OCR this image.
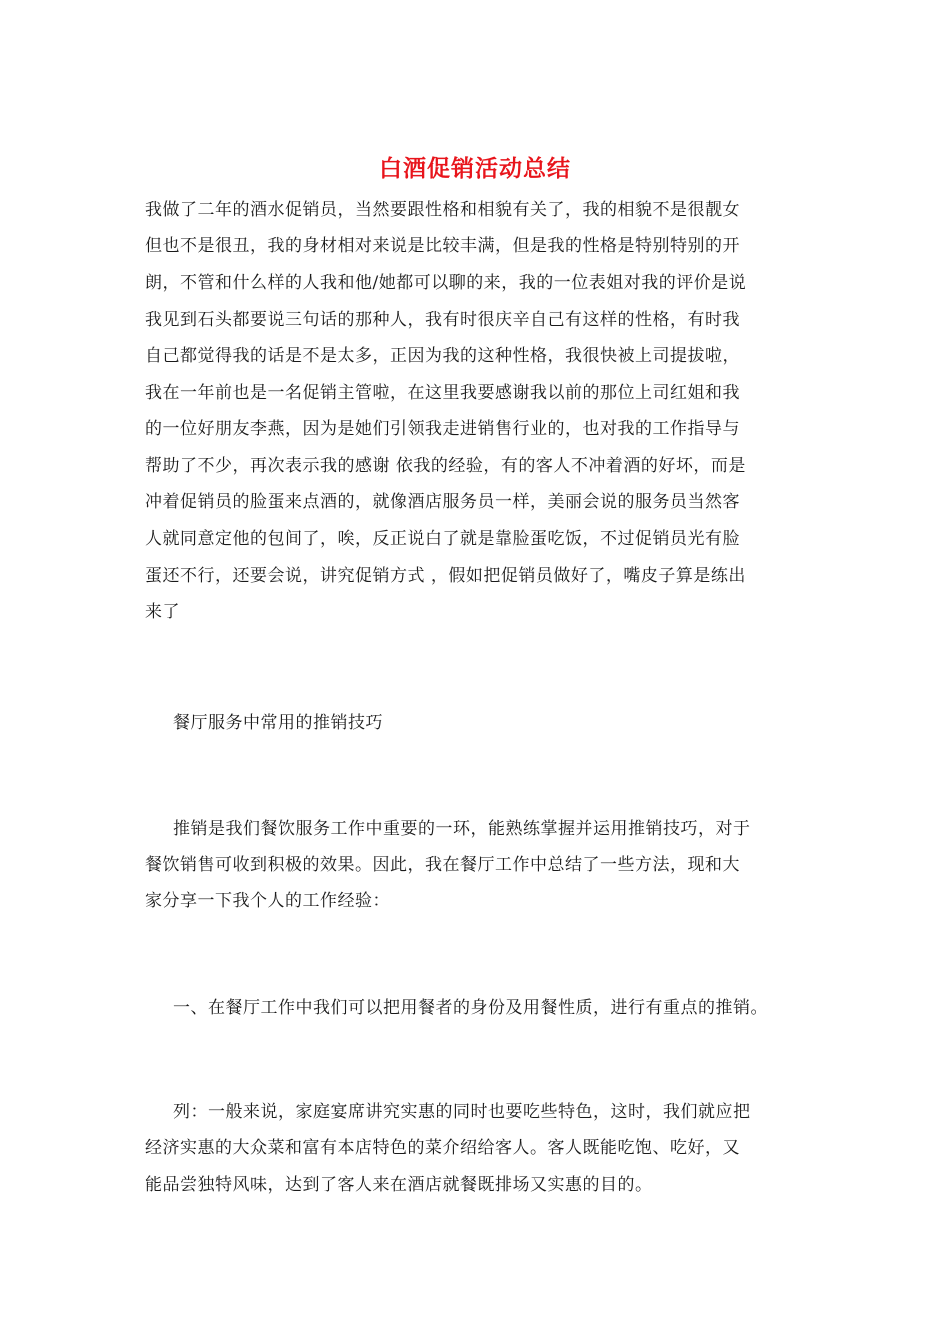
白酒促销活动总结
我做了二年的酒水促销员，当然要跟性格和相貌有关了，我的相貌不是很靓女
但也不是很丑，我的身材相对来说是比较丰满，但是我的性格是特别特别的开
朗，不管和什么样的人我和他/她都可以聊的来，我的一位表姐对我的评价是说
我见到石头都要说三句话的那种人，我有时很庆辛自己有这样的性格，有时我
自己都觉得我的话是不是太多，正因为我的这种性格，我很快被上司提拔啦，
我在一年前也是一名促销主管啦，在这里我要感谢我以前的那位上司红姐和我
的一位好朋友李燕，因为是她们引领我走进销售行业的，也对我的工作指导与
帮助了不少，再次表示我的感谢 依我的经验，有的客人不冲着酒的好坏，而是
冲着促销员的脸蛋来点酒的，就像酒店服务员一样，美丽会说的服务员当然客
人就同意定他的包间了，唉，反正说白了就是靠脸蛋吃饭，不过促销员光有脸
蛋还不行，还要会说，讲究促销方式 ，假如把促销员做好了，嘴皮子算是练出
来了
餐厅服务中常用的推销技巧
推销是我们餐饮服务工作中重要的一环，能熟练掌握并运用推销技巧，对于
餐饮销售可收到积极的效果。因此，我在餐厅工作中总结了一些方法，现和大
家分享一下我个人的工作经验：
一、在餐厅工作中我们可以把用餐者的身份及用餐性质，进行有重点的推销。
列：一般来说，家庭宴席讲究实惠的同时也要吃些特色，这时，我们就应把
经济实惠的大众菜和富有本店特色的菜介绍给客人。客人既能吃饱、吃好，又
能品尝独特风味，达到了客人来在酒店就餐既排场又实惠的目的。
